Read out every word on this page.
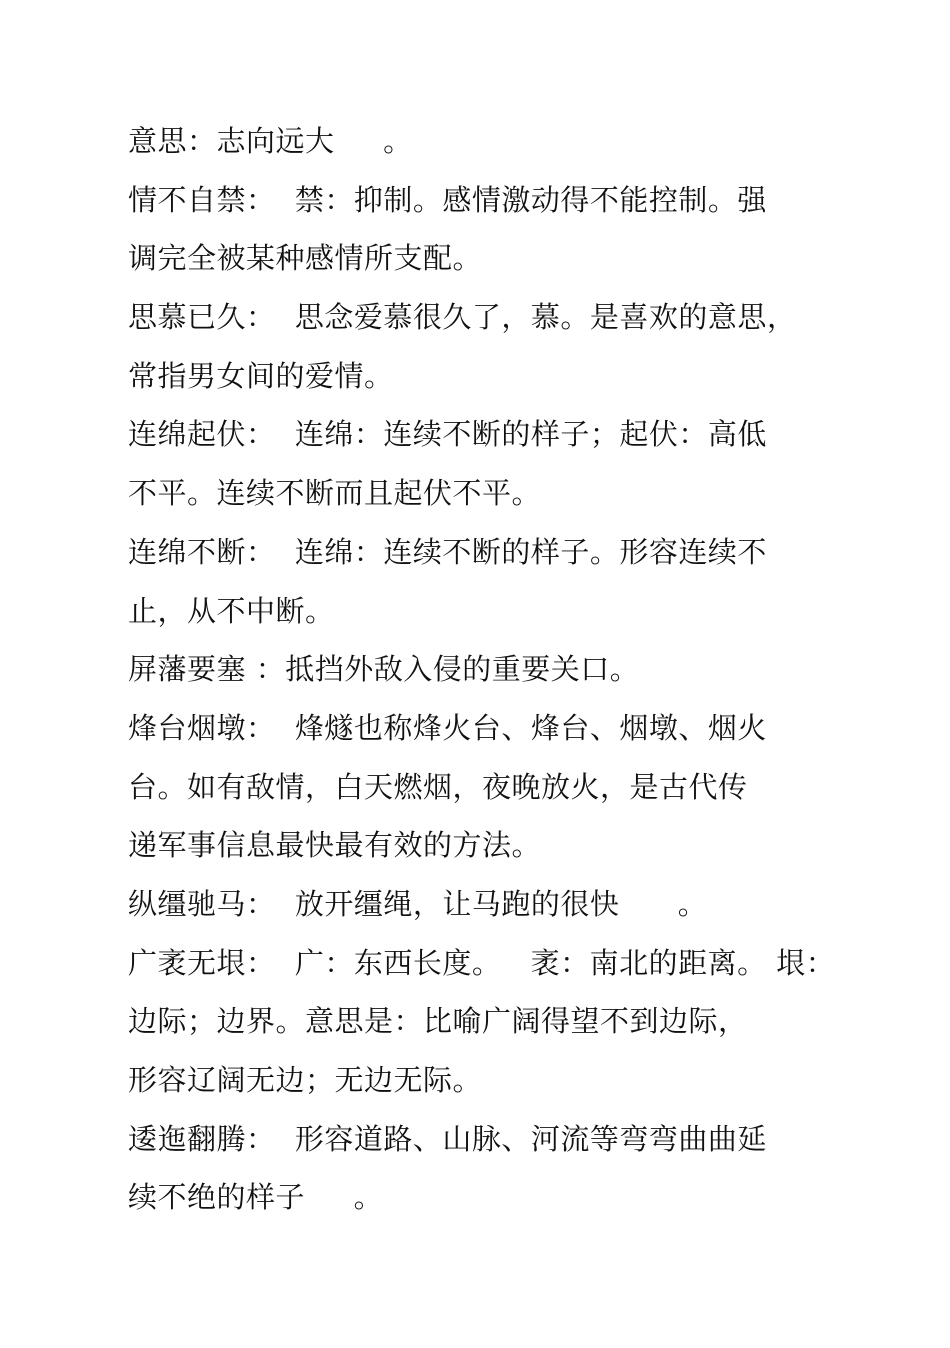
意思：志向远大     。
情不自禁：  禁：抑制。感情激动得不能控制。强
调完全被某种感情所支配。
思慕已久：  思念爱慕很久了，慕。是喜欢的意思，
常指男女间的爱情。
连绵起伏：  连绵：连续不断的样子；起伏：高低
不平。连续不断而且起伏不平。
连绵不断：  连绵：连续不断的样子。形容连续不
止，从不中断。
屏藩要塞 ：抵挡外敌入侵的重要关口。
烽台烟墩：  烽燧也称烽火台、烽台、烟墩、烟火
台。如有敌情，白天燃烟，夜晚放火，是古代传
递军事信息最快最有效的方法。
纵缰驰马：  放开缰绳，让马跑的很快      。
广袤无垠：  广：东西长度。   袤：南北的距离。 垠：
边际；边界。意思是：比喻广阔得望不到边际，
形容辽阔无边；无边无际。
逶迤翻腾：  形容道路、山脉、河流等弯弯曲曲延
续不绝的样子     。
